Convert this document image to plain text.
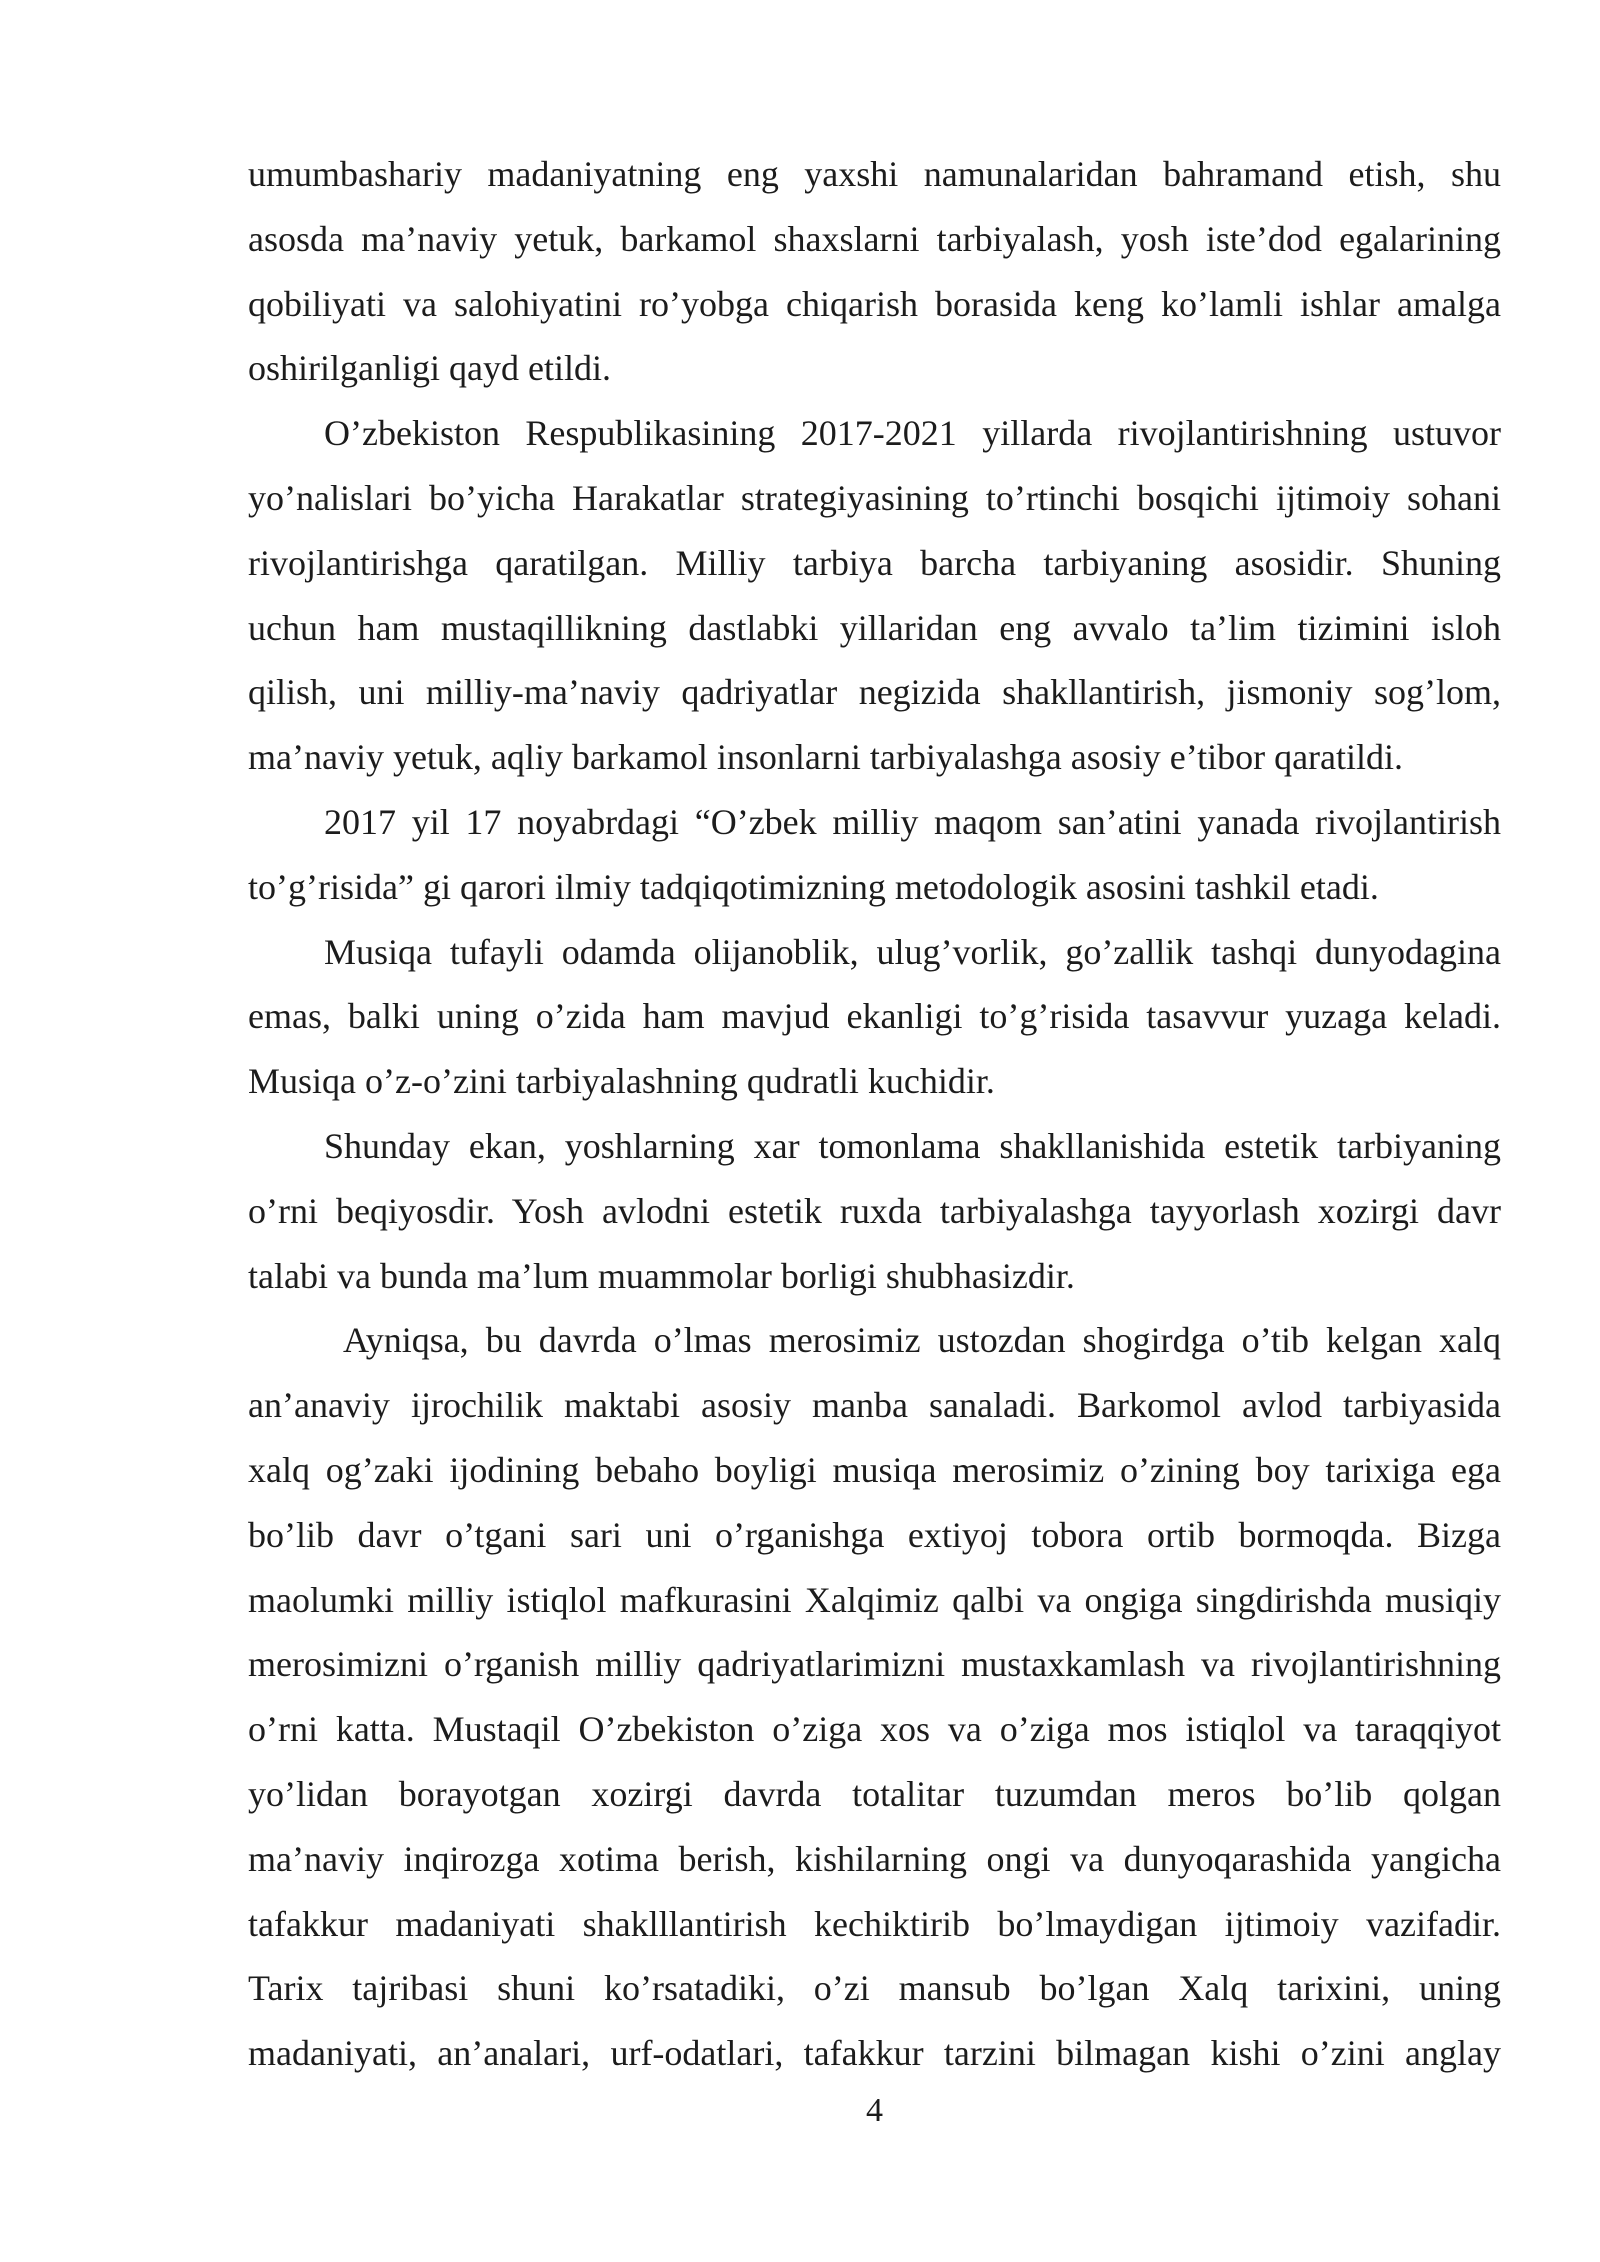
umumbashariy madaniyatning eng yaxshi namunalaridan bahramand etish, shu
asosda ma’naviy yetuk, barkamol shaxslarni tarbiyalash, yosh iste’dod egalarining
qobiliyati va salohiyatini ro’yobga chiqarish borasida keng ko’lamli ishlar amalga
oshirilganligi qayd etildi.
O’zbekiston Respublikasining 2017-2021 yillarda rivojlantirishning ustuvor
yo’nalislari bo’yicha Harakatlar strategiyasining to’rtinchi bosqichi ijtimoiy sohani
rivojlantirishga qaratilgan. Milliy tarbiya barcha tarbiyaning asosidir. Shuning
uchun ham mustaqillikning dastlabki yillaridan eng avvalo ta’lim tizimini isloh
qilish, uni milliy-ma’naviy qadriyatlar negizida shakllantirish, jismoniy sog’lom,
ma’naviy yetuk, aqliy barkamol insonlarni tarbiyalashga asosiy e’tibor qaratildi.
2017 yil 17 noyabrdagi “O’zbek milliy maqom san’atini yanada rivojlantirish
to’g’risida” gi qarori ilmiy tadqiqotimizning metodologik asosini tashkil etadi.
Musiqa tufayli odamda olijanoblik, ulug’vorlik, go’zallik tashqi dunyodagina
emas, balki uning o’zida ham mavjud ekanligi to’g’risida tasavvur yuzaga keladi.
Musiqa o’z-o’zini tarbiyalashning qudratli kuchidir.
Shunday ekan, yoshlarning xar tomonlama shakllanishida estetik tarbiyaning
o’rni beqiyosdir. Yosh avlodni estetik ruxda tarbiyalashga tayyorlash xozirgi davr
talabi va bunda ma’lum muammolar borligi shubhasizdir.
Ayniqsa, bu davrda o’lmas merosimiz ustozdan shogirdga o’tib kelgan xalq
an’anaviy ijrochilik maktabi asosiy manba sanaladi. Barkomol avlod tarbiyasida
xalq og’zaki ijodining bebaho boyligi musiqa merosimiz o’zining boy tarixiga ega
bo’lib davr o’tgani sari uni o’rganishga extiyoj tobora ortib bormoqda. Bizga
maolumki milliy istiqlol mafkurasini Xalqimiz qalbi va ongiga singdirishda musiqiy
merosimizni o’rganish milliy qadriyatlarimizni mustaxkamlash va rivojlantirishning
o’rni katta. Mustaqil O’zbekiston o’ziga xos va o’ziga mos istiqlol va taraqqiyot
yo’lidan borayotgan xozirgi davrda totalitar tuzumdan meros bo’lib qolgan
ma’naviy inqirozga xotima berish, kishilarning ongi va dunyoqarashida yangicha
tafakkur madaniyati shaklllantirish kechiktirib bo’lmaydigan ijtimoiy vazifadir.
Tarix tajribasi shuni ko’rsatadiki, o’zi mansub bo’lgan Xalq tarixini, uning
madaniyati, an’analari, urf-odatlari, tafakkur tarzini bilmagan kishi o’zini anglay
4
